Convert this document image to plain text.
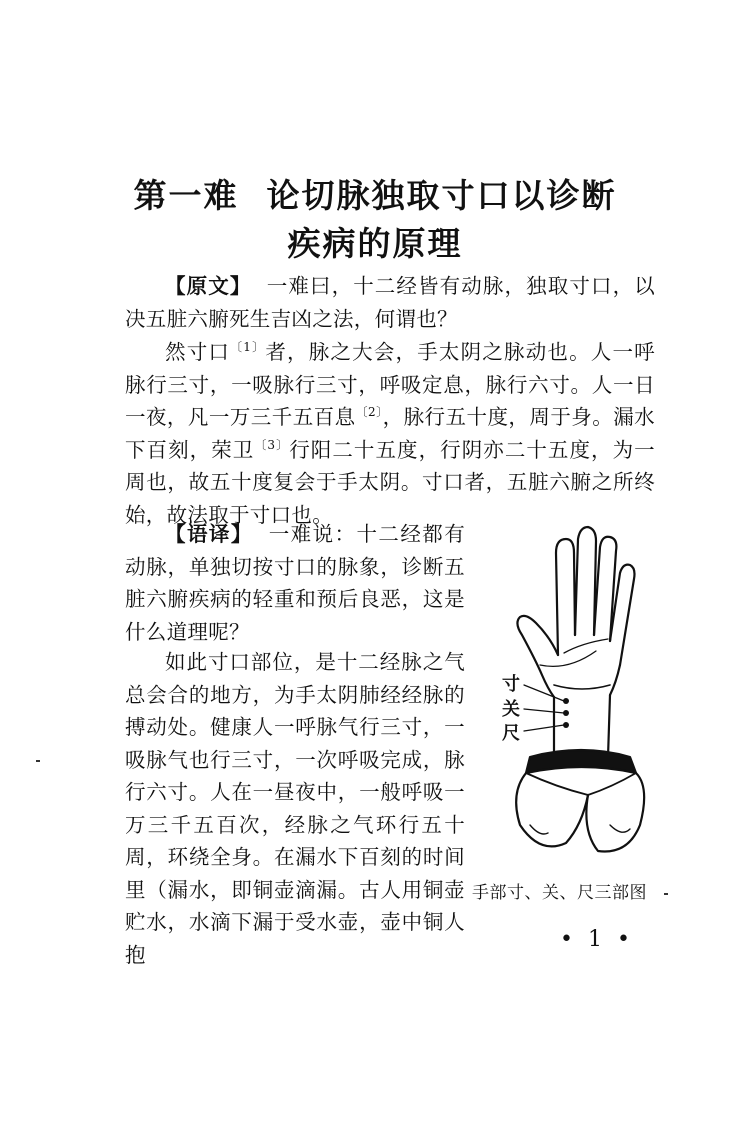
第一难 论切脉独取寸口以诊断
疾病的原理

【原文】 一难曰，十二经皆有动脉，独取寸口，以决五脏六腑死生吉凶之法，何谓也？

然寸口$^{〔1〕}$者，脉之大会，手太阴之脉动也。人一呼脉行三寸，一吸脉行三寸，呼吸定息，脉行六寸。人一日一夜，凡一万三千五百息$^{〔2〕}$，脉行五十度，周于身。漏水下百刻，荣卫$^{〔3〕}$行阳二十五度，行阴亦二十五度，为一周也，故五十度复会于手太阴。寸口者，五脏六腑之所终始，故法取于寸口也。

【语译】 一难说：十二经都有动脉，单独切按寸口的脉象，诊断五脏六腑疾病的轻重和预后良恶，这是什么道理呢？

如此寸口部位，是十二经脉之气总会合的地方，为手太阴肺经经脉的搏动处。健康人一呼脉气行三寸，一吸脉气也行三寸，一次呼吸完成，脉行六寸。人在一昼夜中，一般呼吸一万三千五百次，经脉之气环行五十周，环绕全身。在漏水下百刻的时间里（漏水，即铜壶滴漏。古人用铜壶贮水，水滴下漏于受水壶，壶中铜人抱

寸
关
尺
手部寸、关、尺三部图
• 1 •
